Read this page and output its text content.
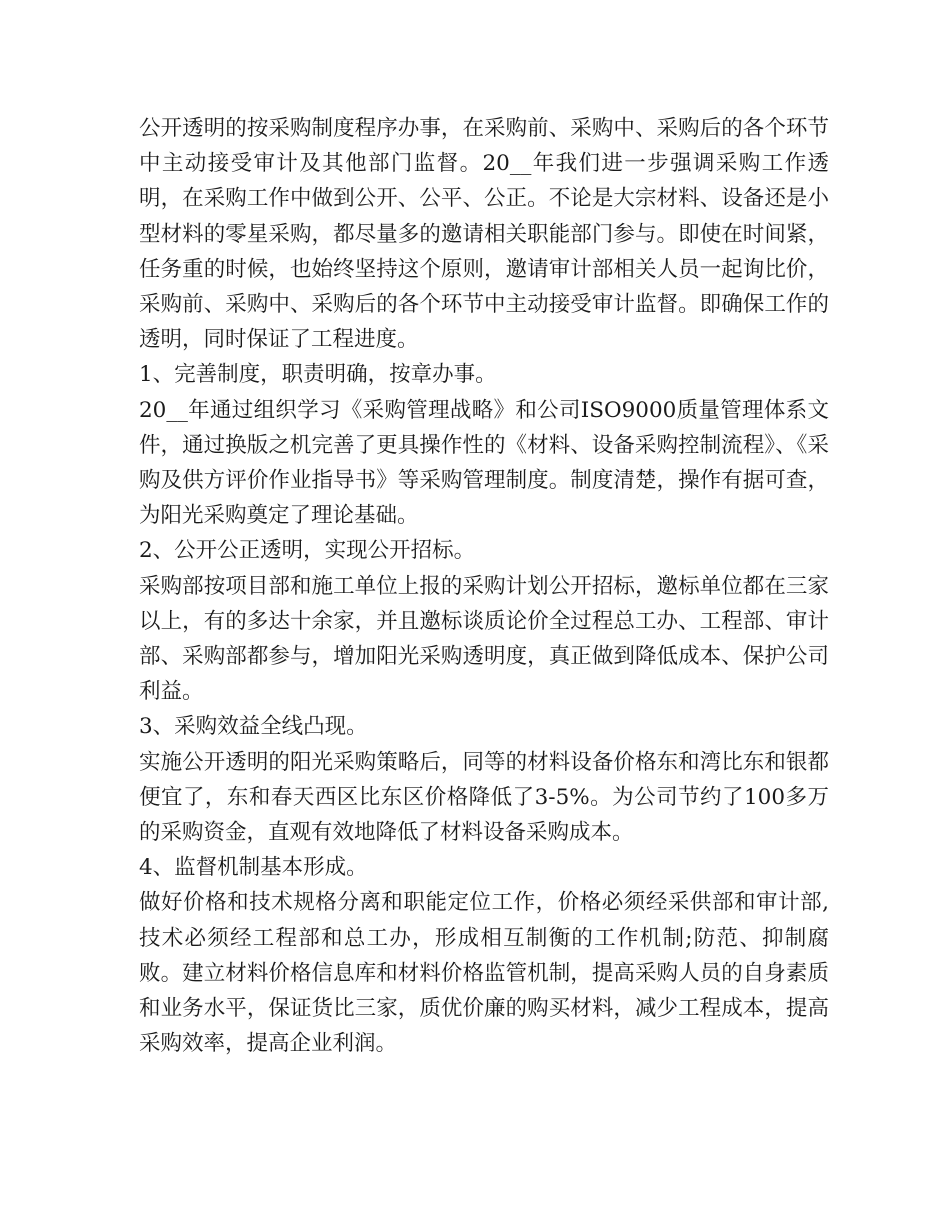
公开透明的按采购制度程序办事，在采购前、采购中、采购后的各个环节中主动接受审计及其他部门监督。20__年我们进一步强调采购工作透明，在采购工作中做到公开、公平、公正。不论是大宗材料、设备还是小型材料的零星采购，都尽量多的邀请相关职能部门参与。即使在时间紧，任务重的时候，也始终坚持这个原则，邀请审计部相关人员一起询比价，采购前、采购中、采购后的各个环节中主动接受审计监督。即确保工作的透明，同时保证了工程进度。

1、完善制度，职责明确，按章办事。

20__年通过组织学习《采购管理战略》和公司ISO9000质量管理体系文件，通过换版之机完善了更具操作性的《材料、设备采购控制流程》、《采购及供方评价作业指导书》等采购管理制度。制度清楚，操作有据可查，为阳光采购奠定了理论基础。

2、公开公正透明，实现公开招标。

采购部按项目部和施工单位上报的采购计划公开招标，邀标单位都在三家以上，有的多达十余家，并且邀标谈质论价全过程总工办、工程部、审计部、采购部都参与，增加阳光采购透明度，真正做到降低成本、保护公司利益。

3、采购效益全线凸现。

实施公开透明的阳光采购策略后，同等的材料设备价格东和湾比东和银都便宜了，东和春天西区比东区价格降低了3-5%。为公司节约了100多万的采购资金，直观有效地降低了材料设备采购成本。

4、监督机制基本形成。

做好价格和技术规格分离和职能定位工作，价格必须经采供部和审计部,技术必须经工程部和总工办，形成相互制衡的工作机制;防范、抑制腐败。建立材料价格信息库和材料价格监管机制，提高采购人员的自身素质和业务水平，保证货比三家，质优价廉的购买材料，减少工程成本，提高采购效率，提高企业利润。
